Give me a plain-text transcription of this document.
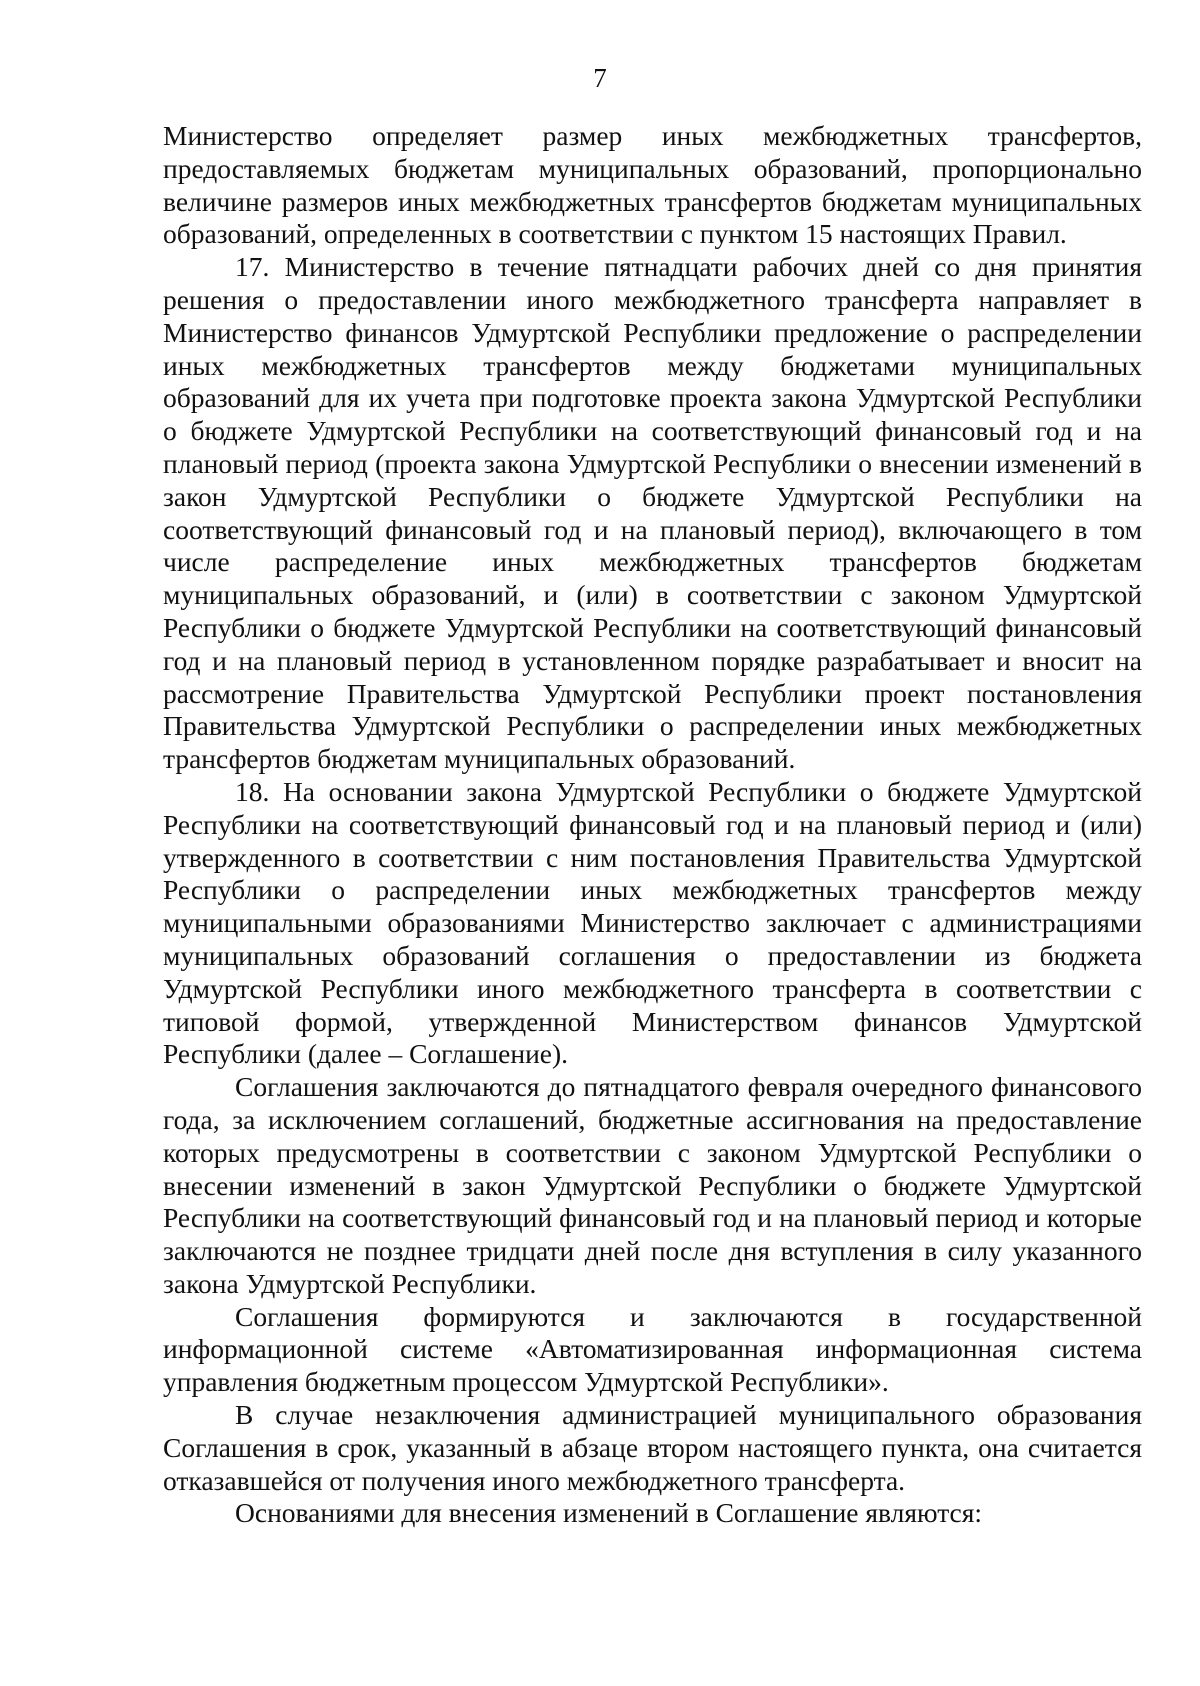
7

Министерство определяет размер иных межбюджетных трансфертов, предоставляемых бюджетам муниципальных образований, пропорционально величине размеров иных межбюджетных трансфертов бюджетам муниципальных образований, определенных в соответствии с пунктом 15 настоящих Правил.

17. Министерство в течение пятнадцати рабочих дней со дня принятия решения о предоставлении иного межбюджетного трансферта направляет в Министерство финансов Удмуртской Республики предложение о распределении иных межбюджетных трансфертов между бюджетами муниципальных образований для их учета при подготовке проекта закона Удмуртской Республики о бюджете Удмуртской Республики на соответствующий финансовый год и на плановый период (проекта закона Удмуртской Республики о внесении изменений в закон Удмуртской Республики о бюджете Удмуртской Республики на соответствующий финансовый год и на плановый период), включающего в том числе распределение иных межбюджетных трансфертов бюджетам муниципальных образований, и (или) в соответствии с законом Удмуртской Республики о бюджете Удмуртской Республики на соответствующий финансовый год и на плановый период в установленном порядке разрабатывает и вносит на рассмотрение Правительства Удмуртской Республики проект постановления Правительства Удмуртской Республики о распределении иных межбюджетных трансфертов бюджетам муниципальных образований.

18. На основании закона Удмуртской Республики о бюджете Удмуртской Республики на соответствующий финансовый год и на плановый период и (или) утвержденного в соответствии с ним постановления Правительства Удмуртской Республики о распределении иных межбюджетных трансфертов между муниципальными образованиями Министерство заключает с администрациями муниципальных образований соглашения о предоставлении из бюджета Удмуртской Республики иного межбюджетного трансферта в соответствии с типовой формой, утвержденной Министерством финансов Удмуртской Республики (далее – Соглашение).

Соглашения заключаются до пятнадцатого февраля очередного финансового года, за исключением соглашений, бюджетные ассигнования на предоставление которых предусмотрены в соответствии с законом Удмуртской Республики о внесении изменений в закон Удмуртской Республики о бюджете Удмуртской Республики на соответствующий финансовый год и на плановый период и которые заключаются не позднее тридцати дней после дня вступления в силу указанного закона Удмуртской Республики.

Соглашения формируются и заключаются в государственной информационной системе «Автоматизированная информационная система управления бюджетным процессом Удмуртской Республики».

В случае незаключения администрацией муниципального образования Соглашения в срок, указанный в абзаце втором настоящего пункта, она считается отказавшейся от получения иного межбюджетного трансферта.

Основаниями для внесения изменений в Соглашение являются:
